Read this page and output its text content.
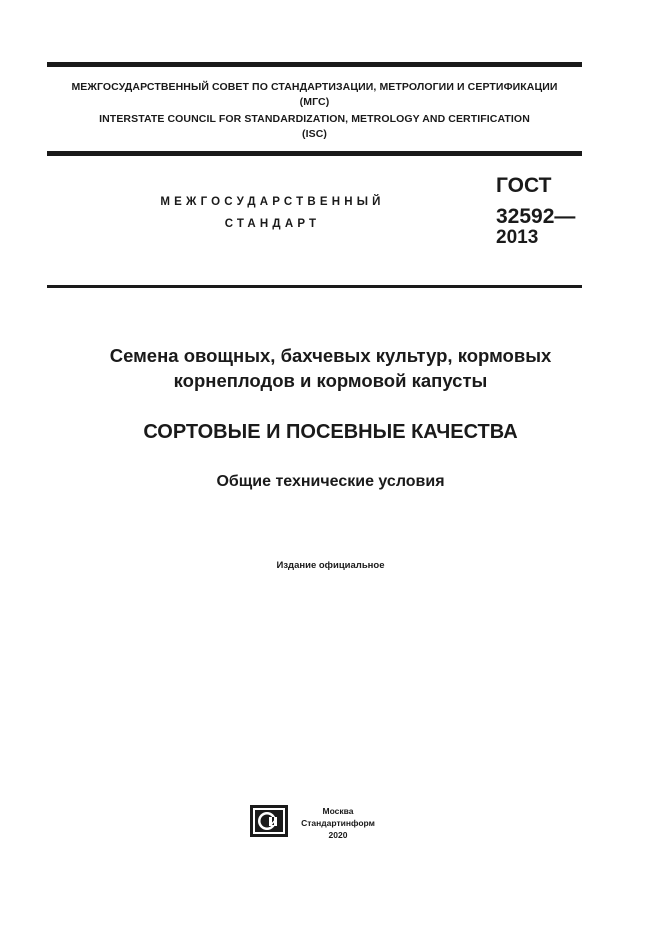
МЕЖГОСУДАРСТВЕННЫЙ СОВЕТ ПО СТАНДАРТИЗАЦИИ, МЕТРОЛОГИИ И СЕРТИФИКАЦИИ
(МГС)
INTERSTATE COUNCIL FOR STANDARDIZATION, METROLOGY AND CERTIFICATION
(ISC)
МЕЖГОСУДАРСТВЕННЫЙ
СТАНДАРТ
ГОСТ
32592—
2013
Семена овощных, бахчевых культур, кормовых
корнеплодов и кормовой капусты
СОРТОВЫЕ И ПОСЕВНЫЕ КАЧЕСТВА
Общие технические условия
Издание официальное
Москва
Стандартинформ
2020
